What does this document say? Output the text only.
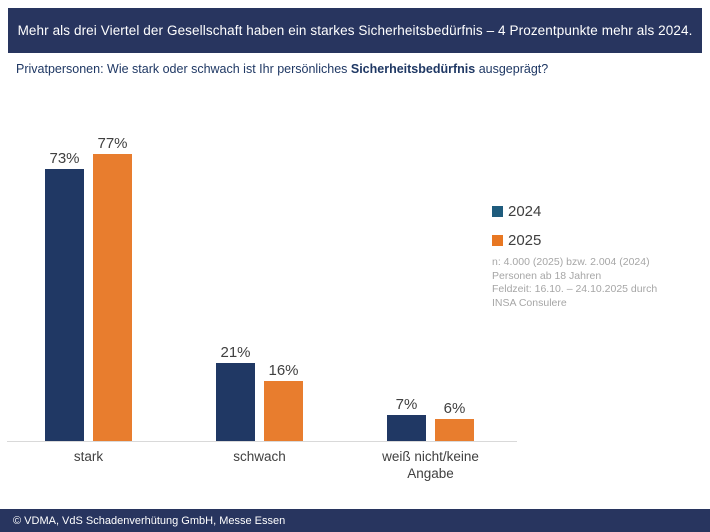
Mehr als drei Viertel der Gesellschaft haben ein starkes Sicherheitsbedürfnis – 4 Prozentpunkte mehr als 2024.
Privatpersonen: Wie stark oder schwach ist Ihr persönliches Sicherheitsbedürfnis ausgeprägt?
73%
77%
stark
21%
16%
schwach
7%	6%
weiß nicht/keine Angabe
2024
2025
n: 4.000 (2025) bzw. 2.004 (2024)
Personen ab 18 Jahren
Feldzeit: 16.10. – 24.10.2025 durch
INSA Consulere
© VDMA, VdS Schadenverhütung GmbH, Messe Essen
